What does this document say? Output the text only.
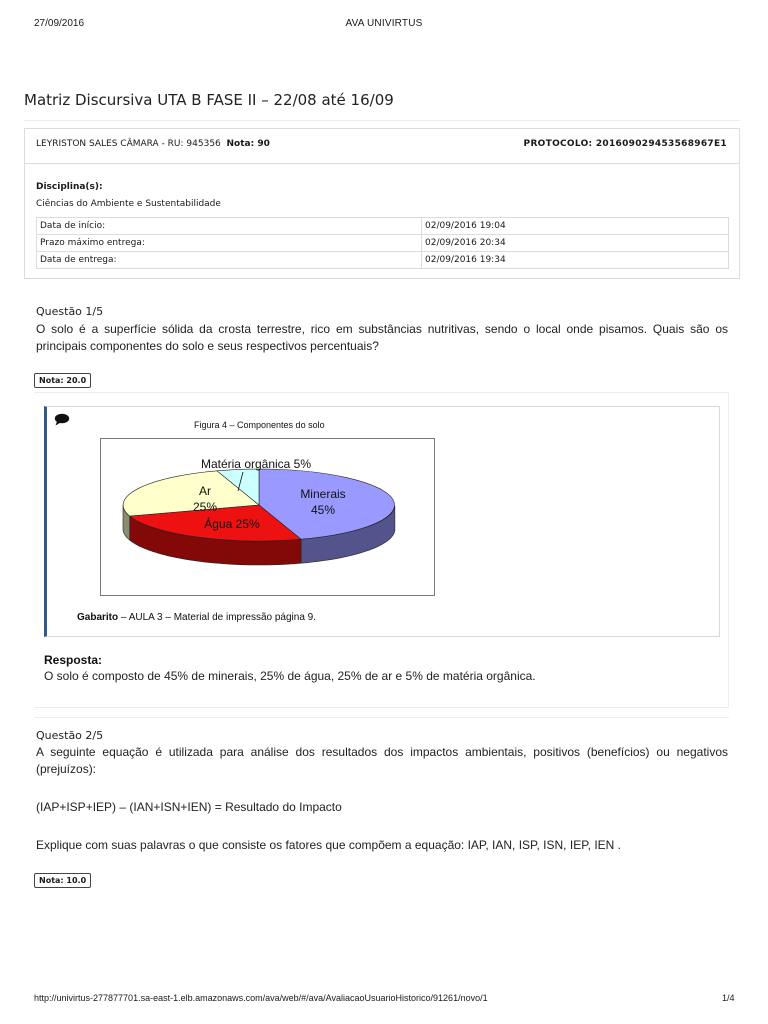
27/09/2016	AVA UNIVIRTUS
Matriz Discursiva UTA B FASE II – 22/08 até 16/09
LEYRISTON SALES CÂMARA - RU: 945356 Nota: 90	PROTOCOLO: 201609029453568967E1
Disciplina(s):
Ciências do Ambiente e Sustentabilidade
Data de início:	02/09/2016 19:04
Prazo máximo entrega:	02/09/2016 20:34
Data de entrega:	02/09/2016 19:34
Questão 1/5
O solo é a superfície sólida da crosta terrestre, rico em substâncias nutritivas, sendo o local onde pisamos. Quais são os principais componentes do solo e seus respectivos percentuais?
Nota: 20.0
Figura 4 – Componentes do solo
Minerais
45%
Água 25%
Ar
25%
Matéria orgânica 5%
Gabarito – AULA 3 – Material de impressão página 9.
Resposta:
O solo é composto de 45% de minerais, 25% de água, 25% de ar e 5% de matéria orgânica.
Questão 2/5
A seguinte equação é utilizada para análise dos resultados dos impactos ambientais, positivos (benefícios) ou negativos (prejuízos):
(IAP+ISP+IEP) – (IAN+ISN+IEN) = Resultado do Impacto
Explique com suas palavras o que consiste os fatores que compõem a equação: IAP, IAN, ISP, ISN, IEP, IEN .
Nota: 10.0
http://univirtus-277877701.sa-east-1.elb.amazonaws.com/ava/web/#/ava/AvaliacaoUsuarioHistorico/91261/novo/1	1/4
